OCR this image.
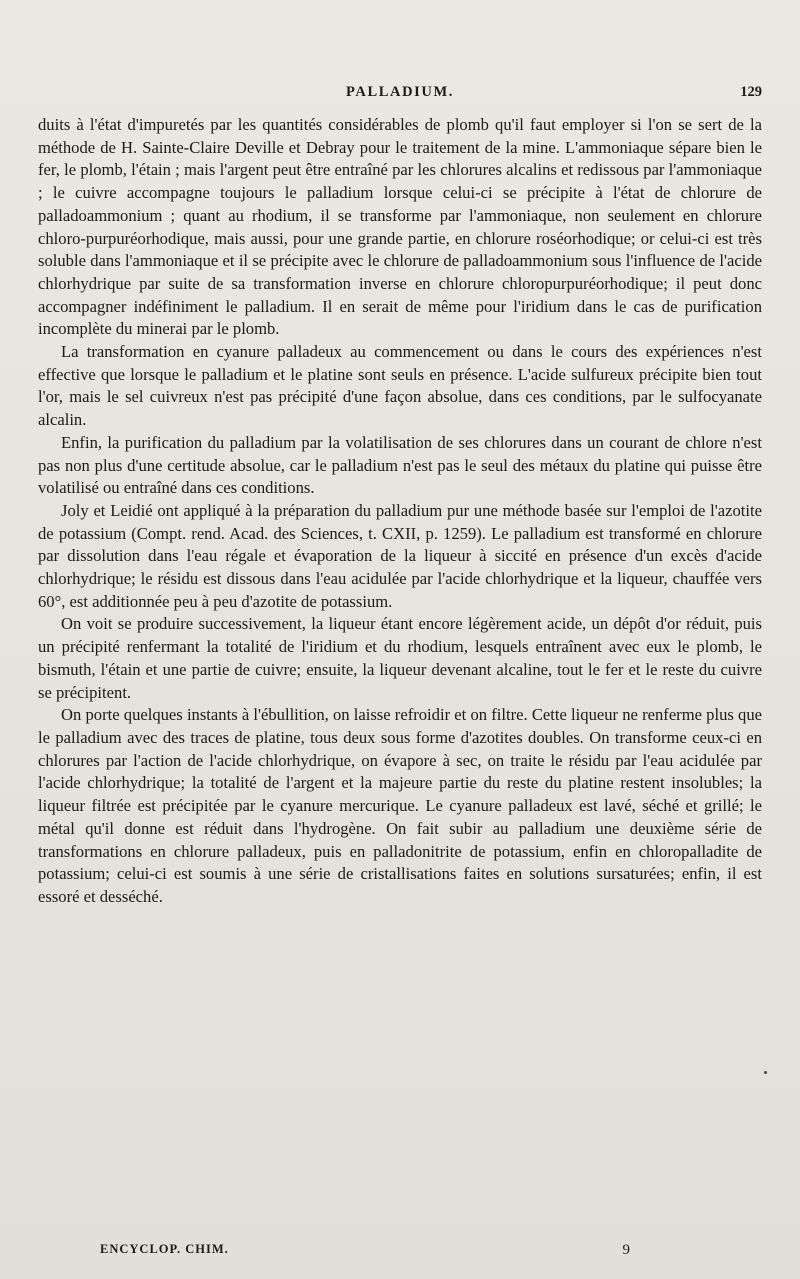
PALLADIUM.	129

duits à l'état d'impuretés par les quantités considérables de plomb qu'il faut employer si l'on se sert de la méthode de H. Sainte-Claire Deville et Debray pour le traitement de la mine. L'ammoniaque sépare bien le fer, le plomb, l'étain ; mais l'argent peut être entraîné par les chlorures alcalins et redissous par l'ammoniaque ; le cuivre accompagne toujours le palladium lorsque celui-ci se précipite à l'état de chlorure de palladoammonium ; quant au rhodium, il se transforme par l'ammoniaque, non seulement en chlorure chloro-purpuréorhodique, mais aussi, pour une grande partie, en chlorure roséorhodique; or celui-ci est très soluble dans l'ammoniaque et il se précipite avec le chlorure de palladoammonium sous l'influence de l'acide chlorhydrique par suite de sa transformation inverse en chlorure chloropurpuréorhodique; il peut donc accompagner indéfiniment le palladium. Il en serait de même pour l'iridium dans le cas de purification incomplète du minerai par le plomb.

La transformation en cyanure palladeux au commencement ou dans le cours des expériences n'est effective que lorsque le palladium et le platine sont seuls en présence. L'acide sulfureux précipite bien tout l'or, mais le sel cuivreux n'est pas précipité d'une façon absolue, dans ces conditions, par le sulfocyanate alcalin.

Enfin, la purification du palladium par la volatilisation de ses chlorures dans un courant de chlore n'est pas non plus d'une certitude absolue, car le palladium n'est pas le seul des métaux du platine qui puisse être volatilisé ou entraîné dans ces conditions.

Joly et Leidié ont appliqué à la préparation du palladium pur une méthode basée sur l'emploi de l'azotite de potassium (Compt. rend. Acad. des Sciences, t. CXII, p. 1259). Le palladium est transformé en chlorure par dissolution dans l'eau régale et évaporation de la liqueur à siccité en présence d'un excès d'acide chlorhydrique; le résidu est dissous dans l'eau acidulée par l'acide chlorhydrique et la liqueur, chauffée vers 60°, est additionnée peu à peu d'azotite de potassium.

On voit se produire successivement, la liqueur étant encore légèrement acide, un dépôt d'or réduit, puis un précipité renfermant la totalité de l'iridium et du rhodium, lesquels entraînent avec eux le plomb, le bismuth, l'étain et une partie de cuivre; ensuite, la liqueur devenant alcaline, tout le fer et le reste du cuivre se précipitent.

On porte quelques instants à l'ébullition, on laisse refroidir et on filtre. Cette liqueur ne renferme plus que le palladium avec des traces de platine, tous deux sous forme d'azotites doubles. On transforme ceux-ci en chlorures par l'action de l'acide chlorhydrique, on évapore à sec, on traite le résidu par l'eau acidulée par l'acide chlorhydrique; la totalité de l'argent et la majeure partie du reste du platine restent insolubles; la liqueur filtrée est précipitée par le cyanure mercurique. Le cyanure palladeux est lavé, séché et grillé; le métal qu'il donne est réduit dans l'hydrogène. On fait subir au palladium une deuxième série de transformations en chlorure palladeux, puis en palladonitrite de potassium, enfin en chloropalladite de potassium; celui-ci est soumis à une série de cristallisations faites en solutions sursaturées; enfin, il est essoré et desséché.

ENCYCLOP. CHIM.	9
